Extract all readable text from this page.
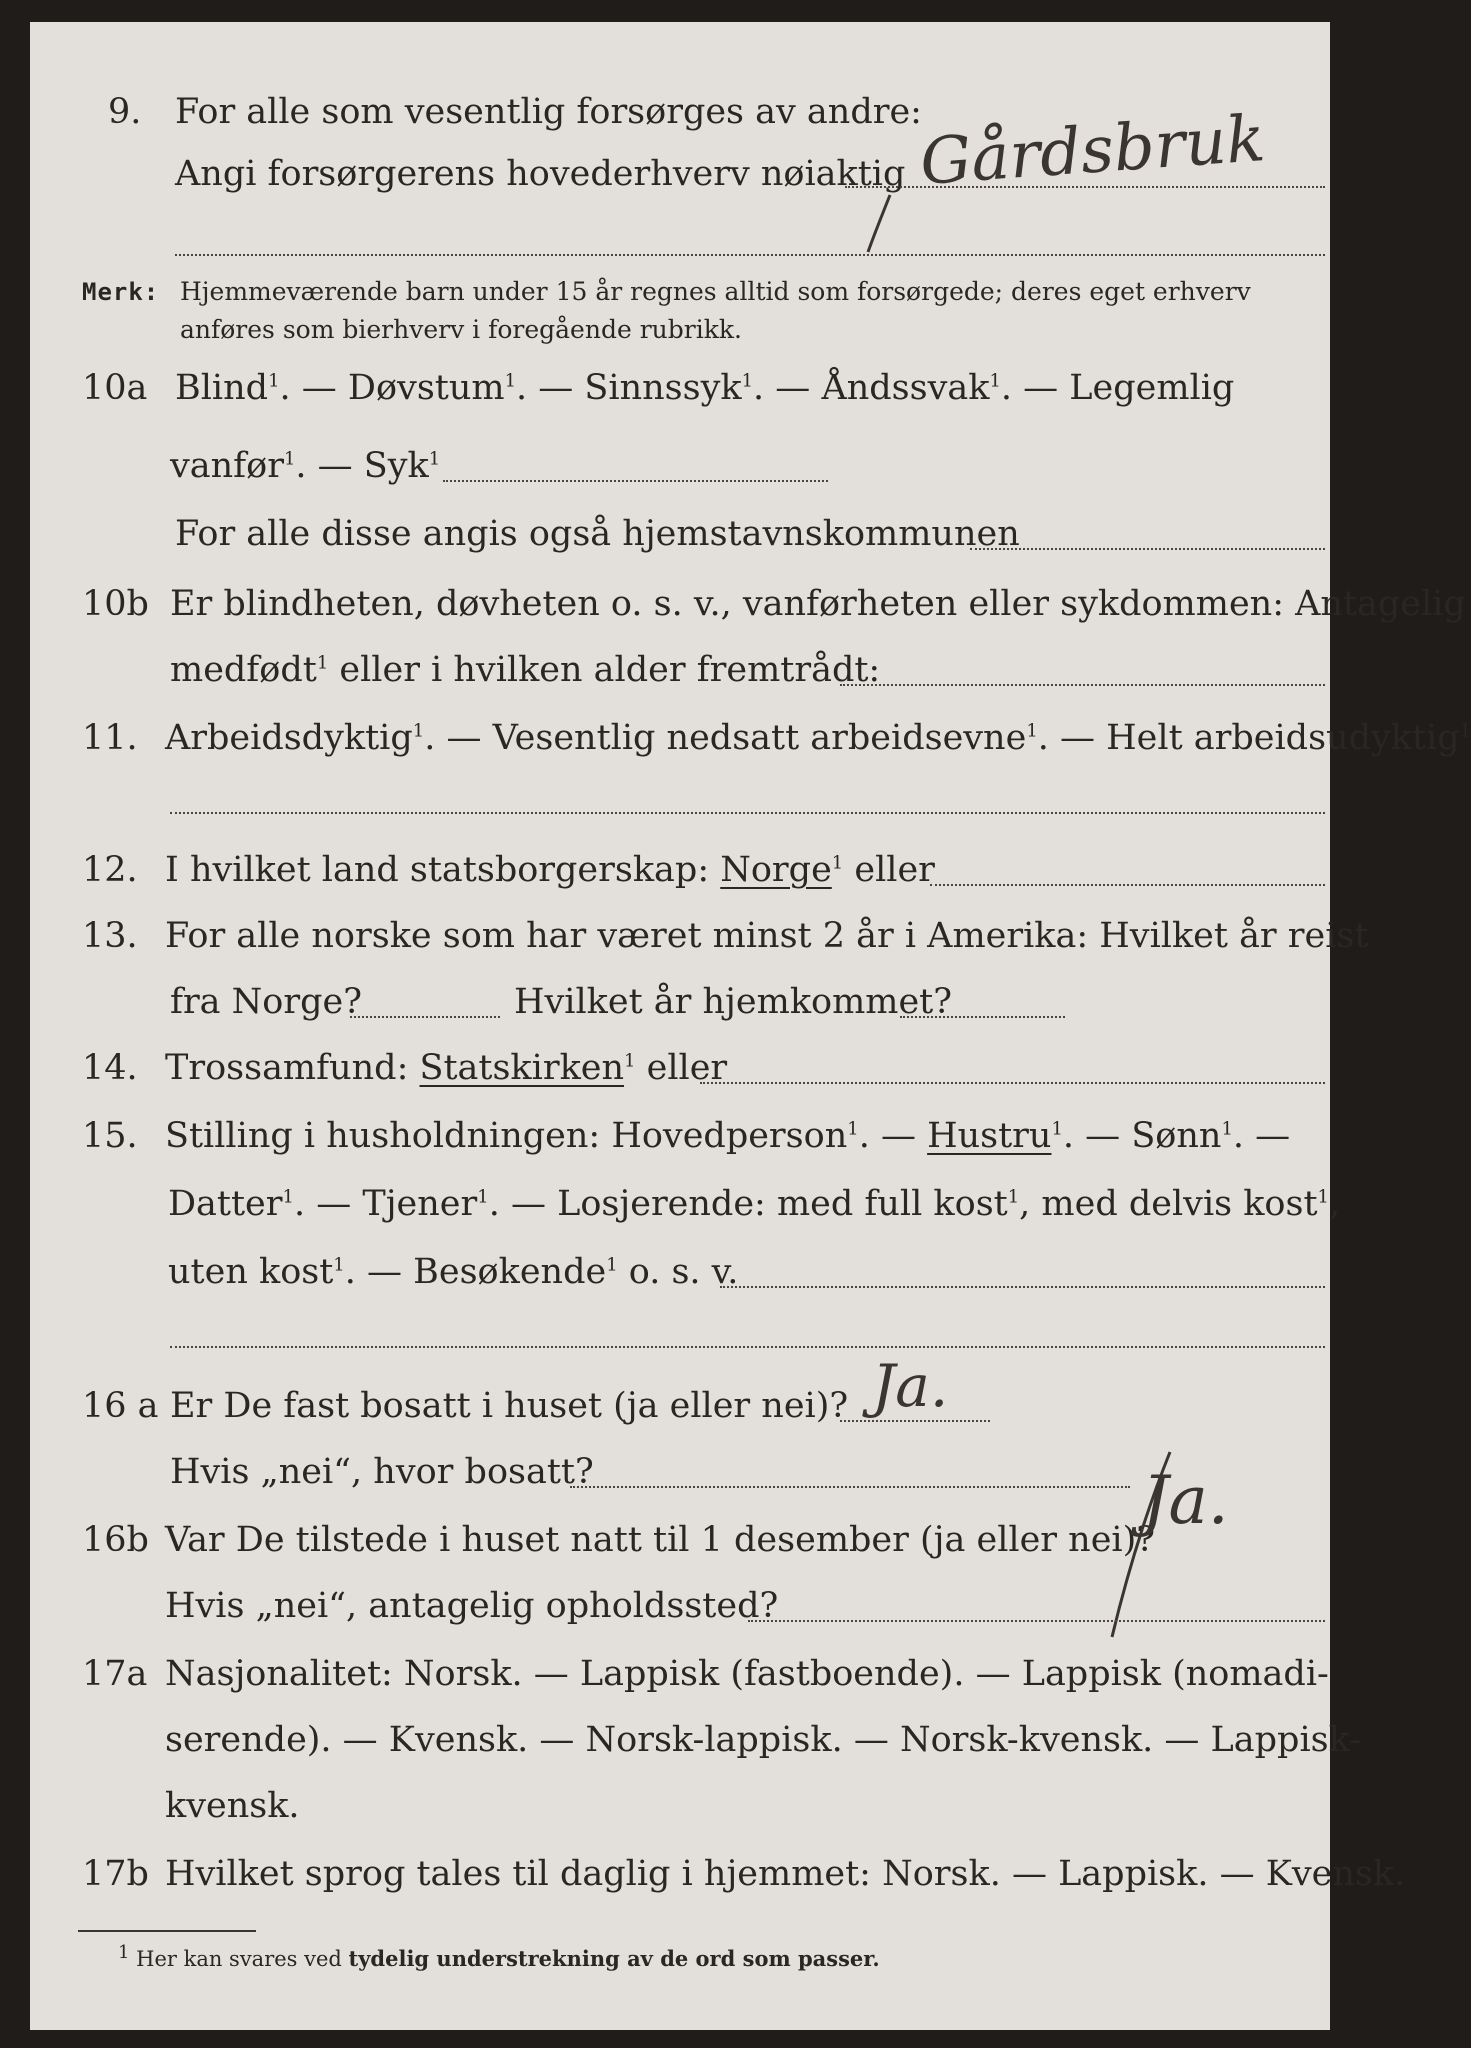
9. For alle som vesentlig forsørges av andre:
Angi forsørgerens hovederhverv nøiaktig Gårdsbruk
Merk: Hjemmeværende barn under 15 år regnes alltid som forsørgede; deres eget erhverv
anføres som bierhverv i foregående rubrikk.
10a Blind$^1$. — Døvstum$^1$. — Sinnssyk$^1$. — Åndssvak$^1$. — Legemlig
vanfør$^1$. — Syk$^1$
For alle disse angis også hjemstavnskommunen
10b Er blindheten, døvheten o. s. v., vanførheten eller sykdommen: Antagelig
medfødt$^1$ eller i hvilken alder fremtrådt:
11. Arbeidsdyktig$^1$. — Vesentlig nedsatt arbeidsevne$^1$. — Helt arbeidsudyktig$^1$
12. I hvilket land statsborgerskap: Norge$^1$ eller
13. For alle norske som har været minst 2 år i Amerika: Hvilket år reist
fra Norge?	Hvilket år hjemkommet?
14. Trossamfund: Statskirken$^1$ eller
15. Stilling i husholdningen: Hovedperson$^1$. — Hustru$^1$. — Sønn$^1$. —
Datter$^1$. — Tjener$^1$. — Losjerende: med full kost$^1$, med delvis kost$^1$,
uten kost$^1$. — Besøkende$^1$ o. s. v.
16 a Er De fast bosatt i huset (ja eller nei)? Ja.
Hvis „nei“, hvor bosatt?
16b Var De tilstede i huset natt til 1 desember (ja eller nei)?
Ja.
Hvis „nei“, antagelig opholdssted?
17a Nasjonalitet: Norsk. — Lappisk (fastboende). — Lappisk (nomadi-
serende). — Kvensk. — Norsk-lappisk. — Norsk-kvensk. — Lappisk-
kvensk.
17b Hvilket sprog tales til daglig i hjemmet: Norsk. — Lappisk. — Kvensk.
$^1$ Her kan svares ved tydelig understrekning av de ord som passer.
